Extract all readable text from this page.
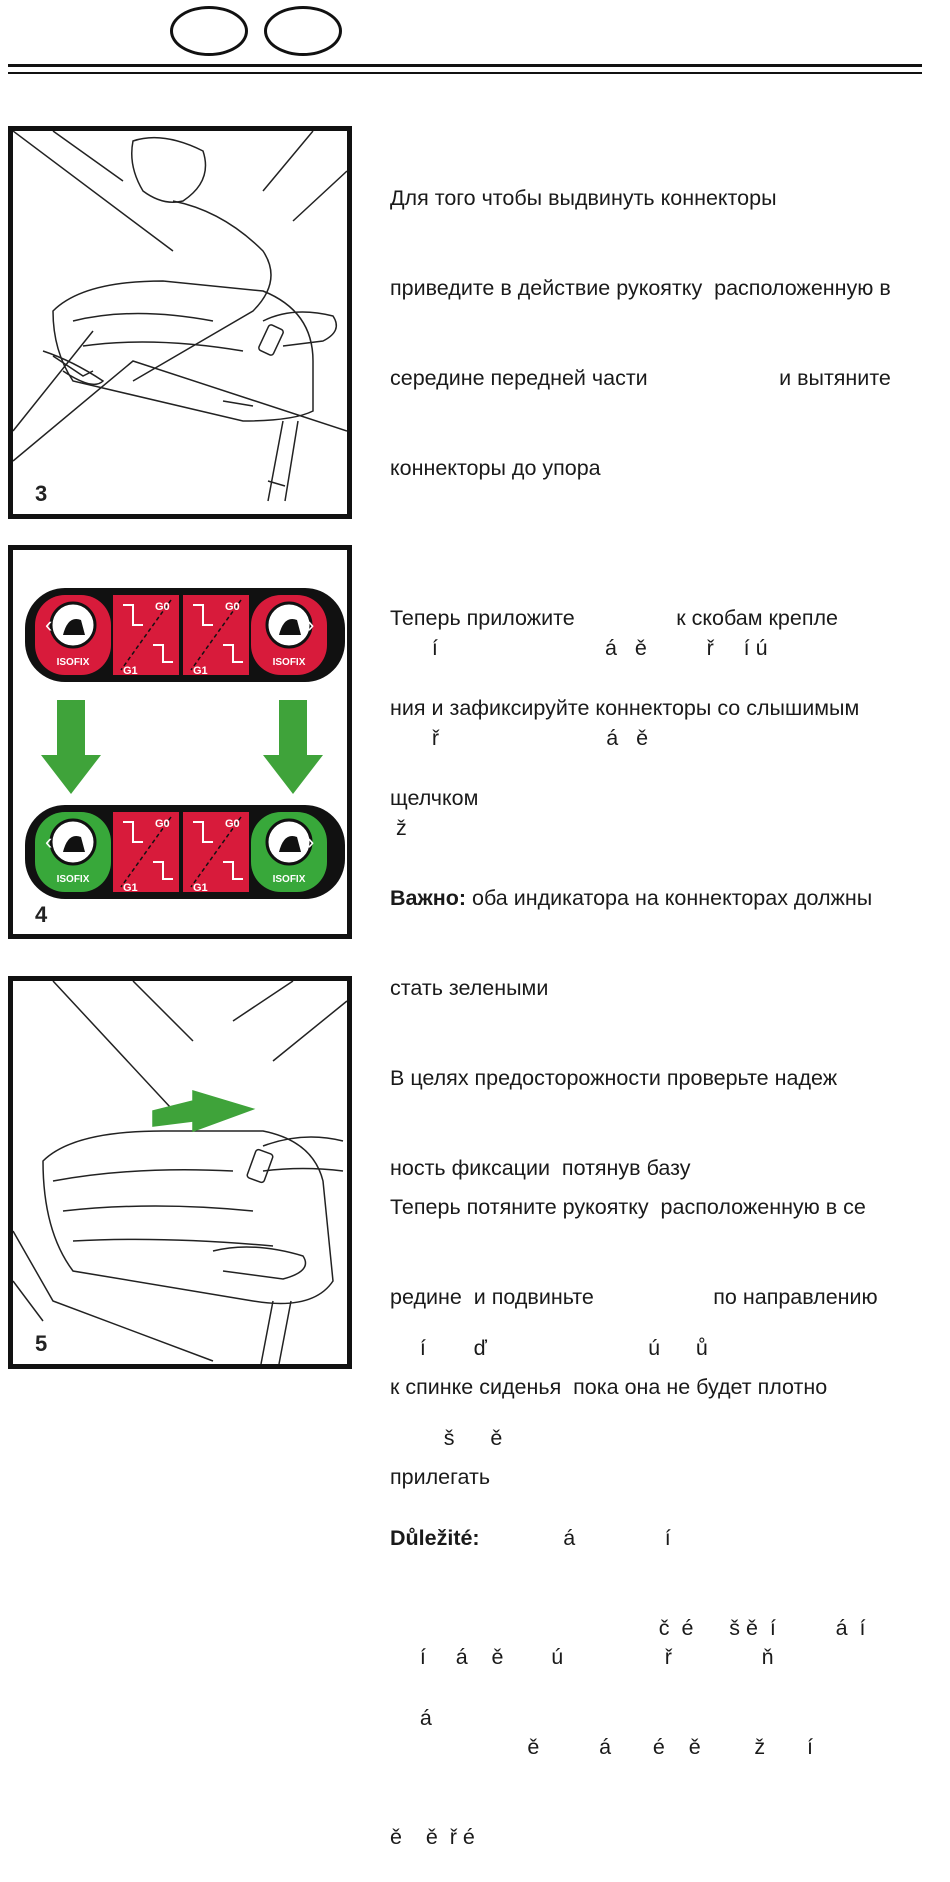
3

Для того чтобы выдвинуть коннекторы

приведите в действие рукоятку  расположенную в

середине передней части                      и вытяните

коннекторы до упора

í                            á   ě          ř     í ú

ř                            á   ě

ž

‹	›
ISOFIX	ISOFIX
G0	G0
G1	G1
‹	›
ISOFIX	ISOFIX
G0	G0
G1	G1
4

Теперь приложите                 к скобам крепле

ния и зафиксируйте коннекторы со слышимым

щелчком

Важно: оба индикатора на коннекторах должны

стать зелеными

В целях предосторожности проверьте надеж

ность фиксации  потянув базу

í        ď                           ú      ů

š      ě

Důležité:              á               í

č  é      š ě  í          á  í

á

5

Теперь потяните рукоятку  расположенную в се

редине  и подвиньте                    по направлению

к спинке сиденья  пока она не будет плотно

прилегать

í     á    ě        ú                 ř               ň

ě          á       é    ě         ž       í

ě    ě  ř é
